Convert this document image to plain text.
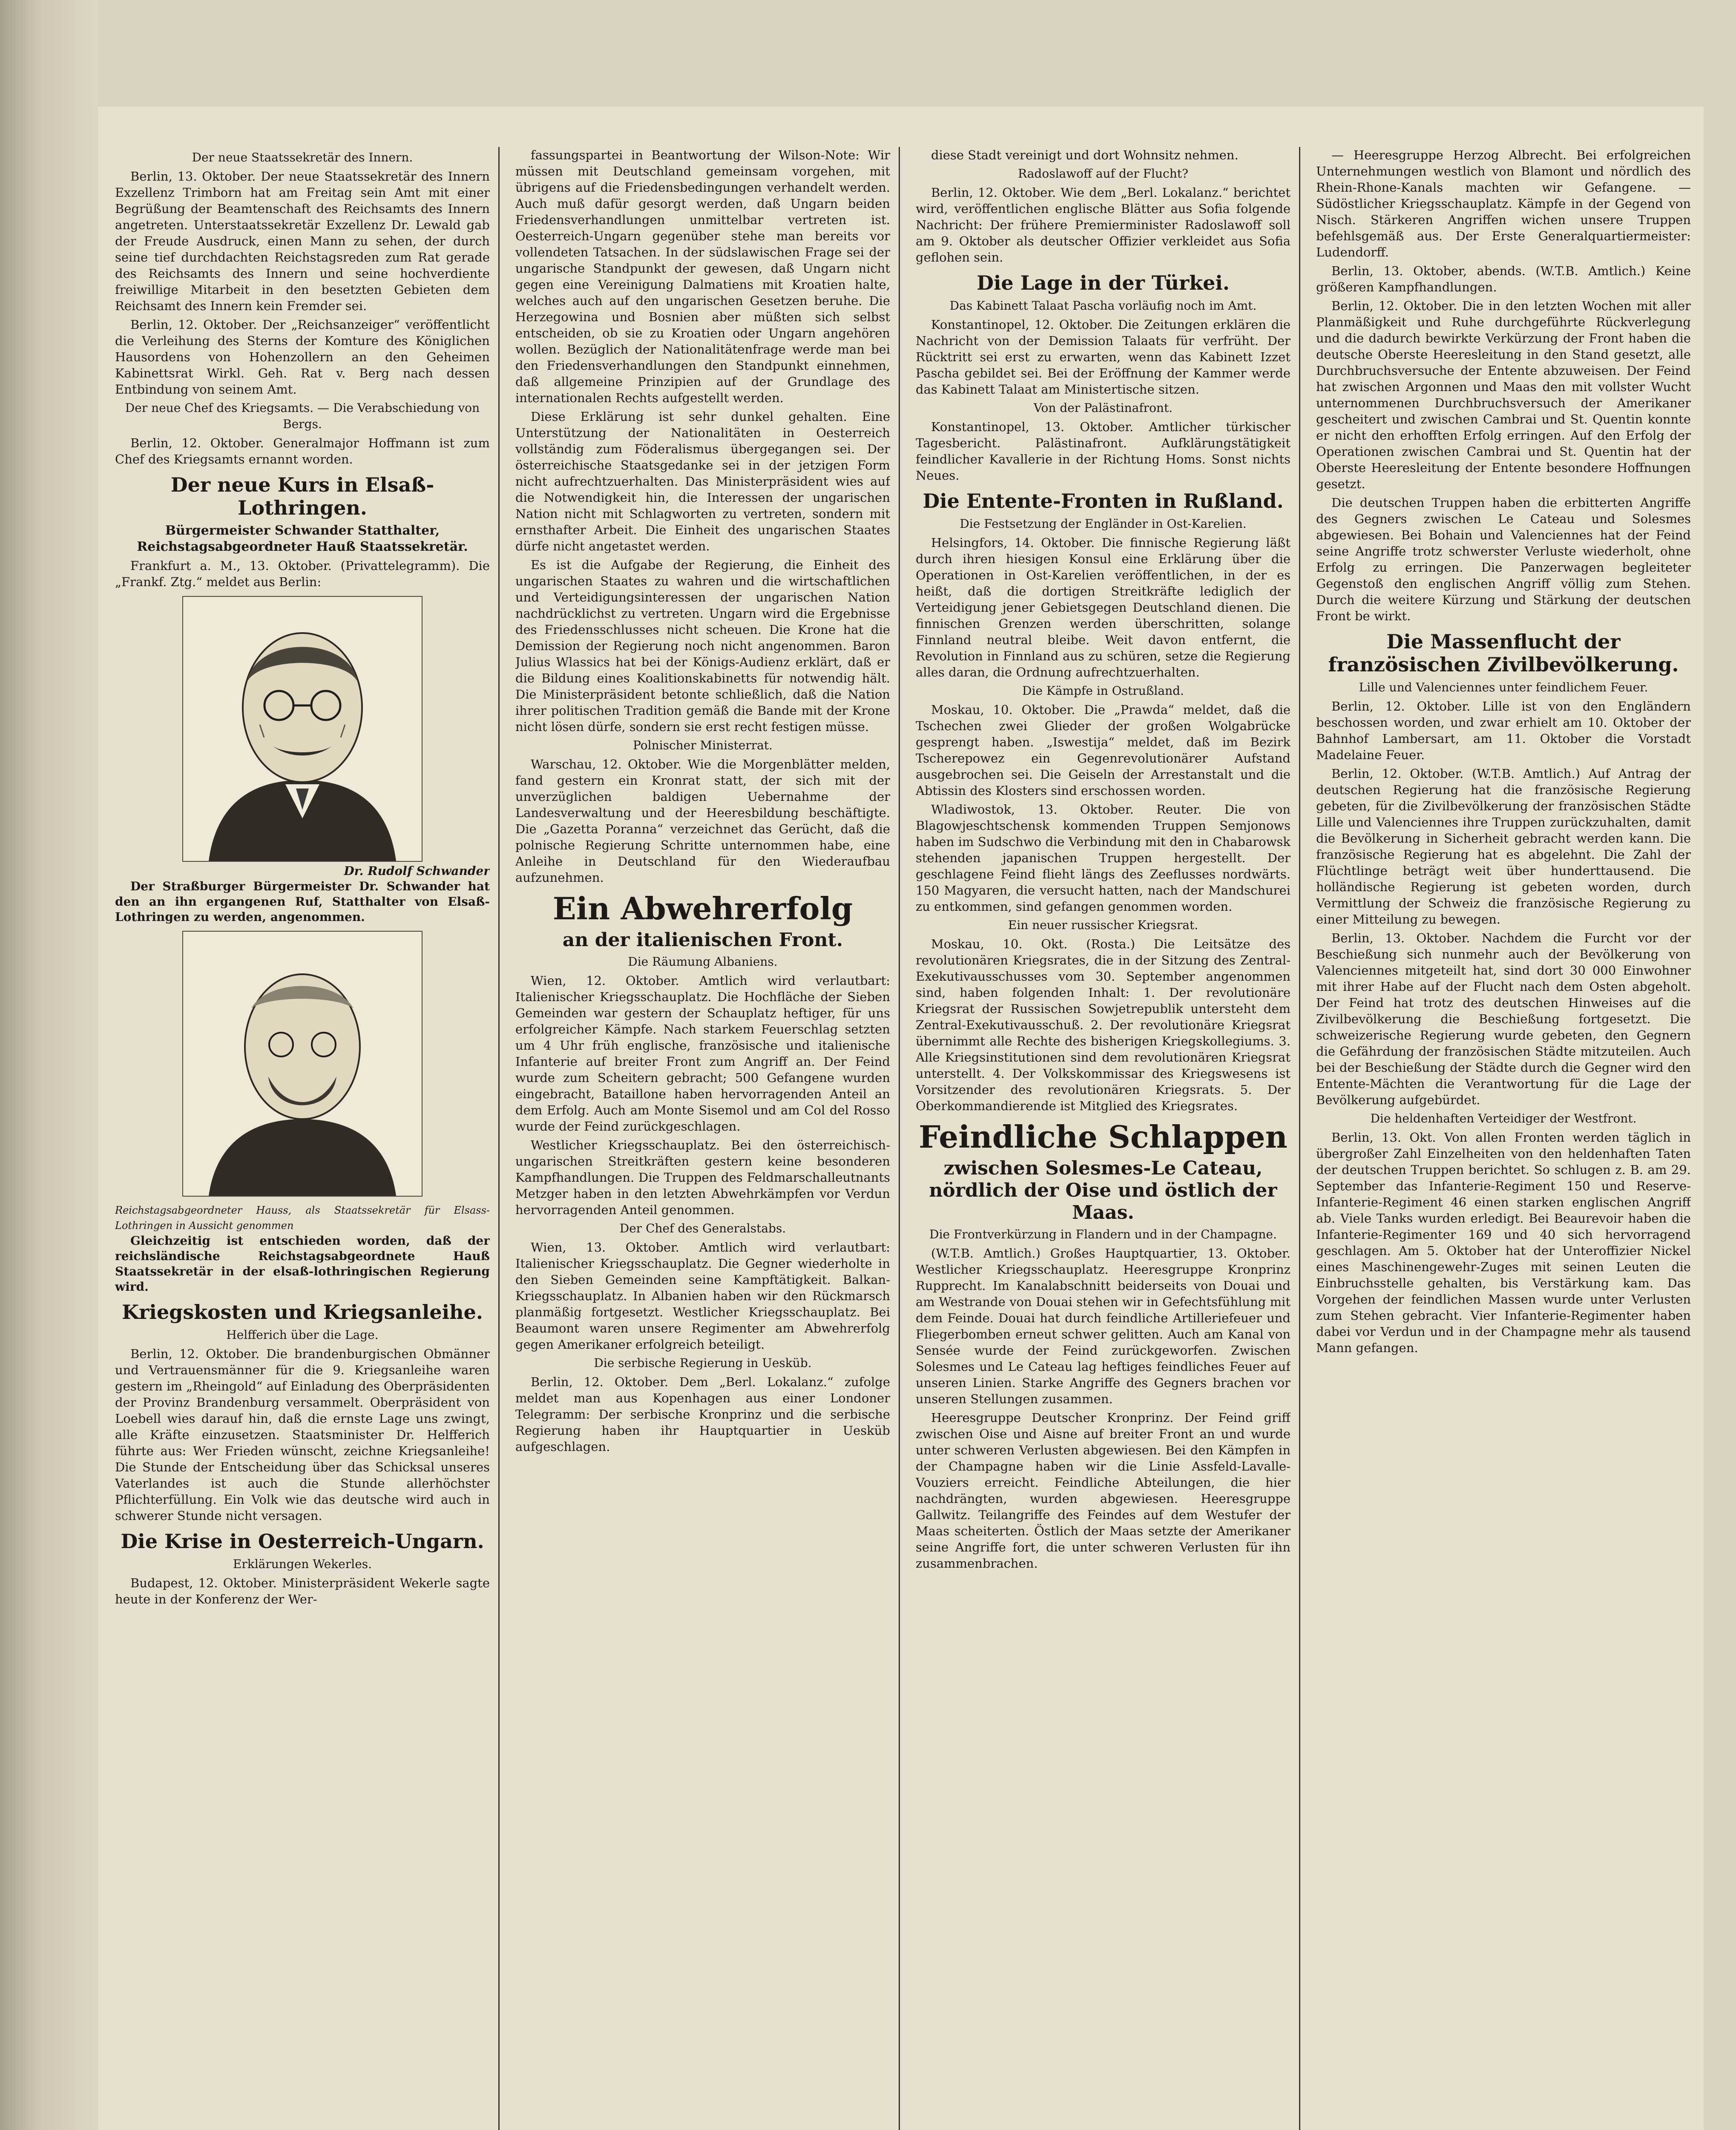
Der neue Staatssekretär des Innern.

Berlin, 13. Oktober. Der neue Staatssekretär des Innern Exzellenz Trimborn hat am Freitag sein Amt mit einer Begrüßung der Beamtenschaft des Reichsamts des Innern angetreten. Unterstaatssekretär Exzellenz Dr. Lewald gab der Freude Ausdruck, einen Mann zu sehen, der durch seine tief durchdachten Reichstagsreden zum Rat gerade des Reichsamts des Innern und seine hochverdiente freiwillige Mitarbeit in den besetzten Gebieten dem Reichsamt des Innern kein Fremder sei.

Berlin, 12. Oktober. Der „Reichsanzeiger“ veröffentlicht die Verleihung des Sterns der Komture des Königlichen Hausordens von Hohenzollern an den Geheimen Kabinettsrat Wirkl. Geh. Rat v. Berg nach dessen Entbindung von seinem Amt.

Der neue Chef des Kriegsamts. — Die Verabschiedung von Bergs.

Berlin, 12. Oktober. Generalmajor Hoffmann ist zum Chef des Kriegsamts ernannt worden.

Der neue Kurs in Elsaß-Lothringen.
Bürgermeister Schwander Statthalter, Reichstagsabgeordneter Hauß Staatssekretär.

Frankfurt a. M., 13. Oktober. (Privattelegramm). Die „Frankf. Ztg.“ meldet aus Berlin:

Dr. Rudolf Schwander

Der Straßburger Bürgermeister Dr. Schwander hat den an ihn ergangenen Ruf, Statthalter von Elsaß-Lothringen zu werden, angenommen.

Reichstagsabgeordneter Hauss, als Staatssekretär für Elsass-Lothringen in Aussicht genommen

Gleichzeitig ist entschieden worden, daß der reichsländische Reichstagsabgeordnete Hauß Staatssekretär in der elsaß-lothringischen Regierung wird.

Kriegskosten und Kriegsanleihe.
Helfferich über die Lage.

Berlin, 12. Oktober. Die brandenburgischen Obmänner und Vertrauensmänner für die 9. Kriegsanleihe waren gestern im „Rheingold“ auf Einladung des Oberpräsidenten der Provinz Brandenburg versammelt. Oberpräsident von Loebell wies darauf hin, daß die ernste Lage uns zwingt, alle Kräfte einzusetzen. Staatsminister Dr. Helfferich führte aus: Wer Frieden wünscht, zeichne Kriegsanleihe! Die Stunde der Entscheidung über das Schicksal unseres Vaterlandes ist auch die Stunde allerhöchster Pflichterfüllung. Ein Volk wie das deutsche wird auch in schwerer Stunde nicht versagen.

Die Krise in Oesterreich-Ungarn.
Erklärungen Wekerles.

Budapest, 12. Oktober. Ministerpräsident Wekerle sagte heute in der Konferenz der Wer-

fassungspartei in Beantwortung der Wilson-Note: Wir müssen mit Deutschland gemeinsam vorgehen, mit übrigens auf die Friedensbedingungen verhandelt werden. Auch muß dafür gesorgt werden, daß Ungarn beiden Friedensverhandlungen unmittelbar vertreten ist. Oesterreich-Ungarn gegenüber stehe man bereits vor vollendeten Tatsachen. In der südslawischen Frage sei der ungarische Standpunkt der gewesen, daß Ungarn nicht gegen eine Vereinigung Dalmatiens mit Kroatien halte, welches auch auf den ungarischen Gesetzen beruhe. Die Herzegowina und Bosnien aber müßten sich selbst entscheiden, ob sie zu Kroatien oder Ungarn angehören wollen. Bezüglich der Nationalitätenfrage werde man bei den Friedensverhandlungen den Standpunkt einnehmen, daß allgemeine Prinzipien auf der Grundlage des internationalen Rechts aufgestellt werden.

Diese Erklärung ist sehr dunkel gehalten. Eine Unterstützung der Nationalitäten in Oesterreich vollständig zum Föderalismus übergegangen sei. Der österreichische Staatsgedanke sei in der jetzigen Form nicht aufrechtzuerhalten. Das Ministerpräsident wies auf die Notwendigkeit hin, die Interessen der ungarischen Nation nicht mit Schlagworten zu vertreten, sondern mit ernsthafter Arbeit. Die Einheit des ungarischen Staates dürfe nicht angetastet werden.

Es ist die Aufgabe der Regierung, die Einheit des ungarischen Staates zu wahren und die wirtschaftlichen und Verteidigungsinteressen der ungarischen Nation nachdrücklichst zu vertreten. Ungarn wird die Ergebnisse des Friedensschlusses nicht scheuen. Die Krone hat die Demission der Regierung noch nicht angenommen. Baron Julius Wlassics hat bei der Königs-Audienz erklärt, daß er die Bildung eines Koalitionskabinetts für notwendig hält. Die Ministerpräsident betonte schließlich, daß die Nation ihrer politischen Tradition gemäß die Bande mit der Krone nicht lösen dürfe, sondern sie erst recht festigen müsse.

Polnischer Ministerrat.

Warschau, 12. Oktober. Wie die Morgenblätter melden, fand gestern ein Kronrat statt, der sich mit der unverzüglichen baldigen Uebernahme der Landesverwaltung und der Heeresbildung beschäftigte. Die „Gazetta Poranna“ verzeichnet das Gerücht, daß die polnische Regierung Schritte unternommen habe, eine Anleihe in Deutschland für den Wiederaufbau aufzunehmen.

Ein Abwehrerfolg
an der italienischen Front.
Die Räumung Albaniens.

Wien, 12. Oktober. Amtlich wird verlautbart: Italienischer Kriegsschauplatz. Die Hochfläche der Sieben Gemeinden war gestern der Schauplatz heftiger, für uns erfolgreicher Kämpfe. Nach starkem Feuerschlag setzten um 4 Uhr früh englische, französische und italienische Infanterie auf breiter Front zum Angriff an. Der Feind wurde zum Scheitern gebracht; 500 Gefangene wurden eingebracht, Bataillone haben hervorragenden Anteil an dem Erfolg. Auch am Monte Sisemol und am Col del Rosso wurde der Feind zurückgeschlagen.

Westlicher Kriegsschauplatz. Bei den österreichisch-ungarischen Streitkräften gestern keine besonderen Kampfhandlungen. Die Truppen des Feldmarschalleutnants Metzger haben in den letzten Abwehrkämpfen vor Verdun hervorragenden Anteil genommen.

Der Chef des Generalstabs.

Wien, 13. Oktober. Amtlich wird verlautbart: Italienischer Kriegsschauplatz. Die Gegner wiederholte in den Sieben Gemeinden seine Kampftätigkeit. Balkan-Kriegsschauplatz. In Albanien haben wir den Rückmarsch planmäßig fortgesetzt. Westlicher Kriegsschauplatz. Bei Beaumont waren unsere Regimenter am Abwehrerfolg gegen Amerikaner erfolgreich beteiligt.

Die serbische Regierung in Uesküb.

Berlin, 12. Oktober. Dem „Berl. Lokalanz.“ zufolge meldet man aus Kopenhagen aus einer Londoner Telegramm: Der serbische Kronprinz und die serbische Regierung haben ihr Hauptquartier in Uesküb aufgeschlagen.

diese Stadt vereinigt und dort Wohnsitz nehmen.

Radoslawoff auf der Flucht?

Berlin, 12. Oktober. Wie dem „Berl. Lokalanz.“ berichtet wird, veröffentlichen englische Blätter aus Sofia folgende Nachricht: Der frühere Premierminister Radoslawoff soll am 9. Oktober als deutscher Offizier verkleidet aus Sofia geflohen sein.

Die Lage in der Türkei.
Das Kabinett Talaat Pascha vorläufig noch im Amt.

Konstantinopel, 12. Oktober. Die Zeitungen erklären die Nachricht von der Demission Talaats für verfrüht. Der Rücktritt sei erst zu erwarten, wenn das Kabinett Izzet Pascha gebildet sei. Bei der Eröffnung der Kammer werde das Kabinett Talaat am Ministertische sitzen.

Von der Palästinafront.

Konstantinopel, 13. Oktober. Amtlicher türkischer Tagesbericht. Palästinafront. Aufklärungstätigkeit feindlicher Kavallerie in der Richtung Homs. Sonst nichts Neues.

Die Entente-Fronten in Rußland.
Die Festsetzung der Engländer in Ost-Karelien.

Helsingfors, 14. Oktober. Die finnische Regierung läßt durch ihren hiesigen Konsul eine Erklärung über die Operationen in Ost-Karelien veröffentlichen, in der es heißt, daß die dortigen Streitkräfte lediglich der Verteidigung jener Gebietsgegen Deutschland dienen. Die finnischen Grenzen werden überschritten, solange Finnland neutral bleibe. Weit davon entfernt, die Revolution in Finnland aus zu schüren, setze die Regierung alles daran, die Ordnung aufrechtzuerhalten.

Die Kämpfe in Ostrußland.

Moskau, 10. Oktober. Die „Prawda“ meldet, daß die Tschechen zwei Glieder der großen Wolgabrücke gesprengt haben. „Iswestija“ meldet, daß im Bezirk Tscherepowez ein Gegenrevolutionärer Aufstand ausgebrochen sei. Die Geiseln der Arrestanstalt und die Abtissin des Klosters sind erschossen worden.

Wladiwostok, 13. Oktober. Reuter. Die von Blagowjeschtschensk kommenden Truppen Semjonows haben im Sudschwo die Verbindung mit den in Chabarowsk stehenden japanischen Truppen hergestellt. Der geschlagene Feind flieht längs des Zeeflusses nordwärts. 150 Magyaren, die versucht hatten, nach der Mandschurei zu entkommen, sind gefangen genommen worden.

Ein neuer russischer Kriegsrat.

Moskau, 10. Okt. (Rosta.) Die Leitsätze des revolutionären Kriegsrates, die in der Sitzung des Zentral-Exekutivausschusses vom 30. September angenommen sind, haben folgenden Inhalt: 1. Der revolutionäre Kriegsrat der Russischen Sowjetrepublik untersteht dem Zentral-Exekutivausschuß. 2. Der revolutionäre Kriegsrat übernimmt alle Rechte des bisherigen Kriegskollegiums. 3. Alle Kriegsinstitutionen sind dem revolutionären Kriegsrat unterstellt. 4. Der Volkskommissar des Kriegswesens ist Vorsitzender des revolutionären Kriegsrats. 5. Der Oberkommandierende ist Mitglied des Kriegsrates.

Feindliche Schlappen
zwischen Solesmes-Le Cateau, nördlich der Oise und östlich der Maas.
Die Frontverkürzung in Flandern und in der Champagne.

(W.T.B. Amtlich.) Großes Hauptquartier, 13. Oktober. Westlicher Kriegsschauplatz. Heeresgruppe Kronprinz Rupprecht. Im Kanalabschnitt beiderseits von Douai und am Westrande von Douai stehen wir in Gefechtsfühlung mit dem Feinde. Douai hat durch feindliche Artilleriefeuer und Fliegerbomben erneut schwer gelitten. Auch am Kanal von Sensée wurde der Feind zurückgeworfen. Zwischen Solesmes und Le Cateau lag heftiges feindliches Feuer auf unseren Linien. Starke Angriffe des Gegners brachen vor unseren Stellungen zusammen.

Heeresgruppe Deutscher Kronprinz. Der Feind griff zwischen Oise und Aisne auf breiter Front an und wurde unter schweren Verlusten abgewiesen. Bei den Kämpfen in der Champagne haben wir die Linie Assfeld-Lavalle-Vouziers erreicht. Feindliche Abteilungen, die hier nachdrängten, wurden abgewiesen. Heeresgruppe Gallwitz. Teilangriffe des Feindes auf dem Westufer der Maas scheiterten. Östlich der Maas setzte der Amerikaner seine Angriffe fort, die unter schweren Verlusten für ihn zusammenbrachen.

— Heeresgruppe Herzog Albrecht. Bei erfolgreichen Unternehmungen westlich von Blamont und nördlich des Rhein-Rhone-Kanals machten wir Gefangene. — Südöstlicher Kriegsschauplatz. Kämpfe in der Gegend von Nisch. Stärkeren Angriffen wichen unsere Truppen befehlsgemäß aus. Der Erste Generalquartiermeister: Ludendorff.

Berlin, 13. Oktober, abends. (W.T.B. Amtlich.) Keine größeren Kampfhandlungen.

Berlin, 12. Oktober. Die in den letzten Wochen mit aller Planmäßigkeit und Ruhe durchgeführte Rückverlegung und die dadurch bewirkte Verkürzung der Front haben die deutsche Oberste Heeresleitung in den Stand gesetzt, alle Durchbruchsversuche der Entente abzuweisen. Der Feind hat zwischen Argonnen und Maas den mit vollster Wucht unternommenen Durchbruchsversuch der Amerikaner gescheitert und zwischen Cambrai und St. Quentin konnte er nicht den erhofften Erfolg erringen. Auf den Erfolg der Operationen zwischen Cambrai und St. Quentin hat der Oberste Heeresleitung der Entente besondere Hoffnungen gesetzt.

Die deutschen Truppen haben die erbitterten Angriffe des Gegners zwischen Le Cateau und Solesmes abgewiesen. Bei Bohain und Valenciennes hat der Feind seine Angriffe trotz schwerster Verluste wiederholt, ohne Erfolg zu erringen. Die Panzerwagen begleiteter Gegenstoß den englischen Angriff völlig zum Stehen. Durch die weitere Kürzung und Stärkung der deutschen Front be wirkt.

Die Massenflucht der französischen Zivilbevölkerung.
Lille und Valenciennes unter feindlichem Feuer.

Berlin, 12. Oktober. Lille ist von den Engländern beschossen worden, und zwar erhielt am 10. Oktober der Bahnhof Lambersart, am 11. Oktober die Vorstadt Madelaine Feuer.

Berlin, 12. Oktober. (W.T.B. Amtlich.) Auf Antrag der deutschen Regierung hat die französische Regierung gebeten, für die Zivilbevölkerung der französischen Städte Lille und Valenciennes ihre Truppen zurückzuhalten, damit die Bevölkerung in Sicherheit gebracht werden kann. Die französische Regierung hat es abgelehnt. Die Zahl der Flüchtlinge beträgt weit über hunderttausend. Die holländische Regierung ist gebeten worden, durch Vermittlung der Schweiz die französische Regierung zu einer Mitteilung zu bewegen.

Berlin, 13. Oktober. Nachdem die Furcht vor der Beschießung sich nunmehr auch der Bevölkerung von Valenciennes mitgeteilt hat, sind dort 30 000 Einwohner mit ihrer Habe auf der Flucht nach dem Osten abgeholt. Der Feind hat trotz des deutschen Hinweises auf die Zivilbevölkerung die Beschießung fortgesetzt. Die schweizerische Regierung wurde gebeten, den Gegnern die Gefährdung der französischen Städte mitzuteilen. Auch bei der Beschießung der Städte durch die Gegner wird den Entente-Mächten die Verantwortung für die Lage der Bevölkerung aufgebürdet.

Die heldenhaften Verteidiger der Westfront.

Berlin, 13. Okt. Von allen Fronten werden täglich in übergroßer Zahl Einzelheiten von den heldenhaften Taten der deutschen Truppen berichtet. So schlugen z. B. am 29. September das Infanterie-Regiment 150 und Reserve-Infanterie-Regiment 46 einen starken englischen Angriff ab. Viele Tanks wurden erledigt. Bei Beaurevoir haben die Infanterie-Regimenter 169 und 40 sich hervorragend geschlagen. Am 5. Oktober hat der Unteroffizier Nickel eines Maschinengewehr-Zuges mit seinen Leuten die Einbruchsstelle gehalten, bis Verstärkung kam. Das Vorgehen der feindlichen Massen wurde unter Verlusten zum Stehen gebracht. Vier Infanterie-Regimenter haben dabei vor Verdun und in der Champagne mehr als tausend Mann gefangen.
